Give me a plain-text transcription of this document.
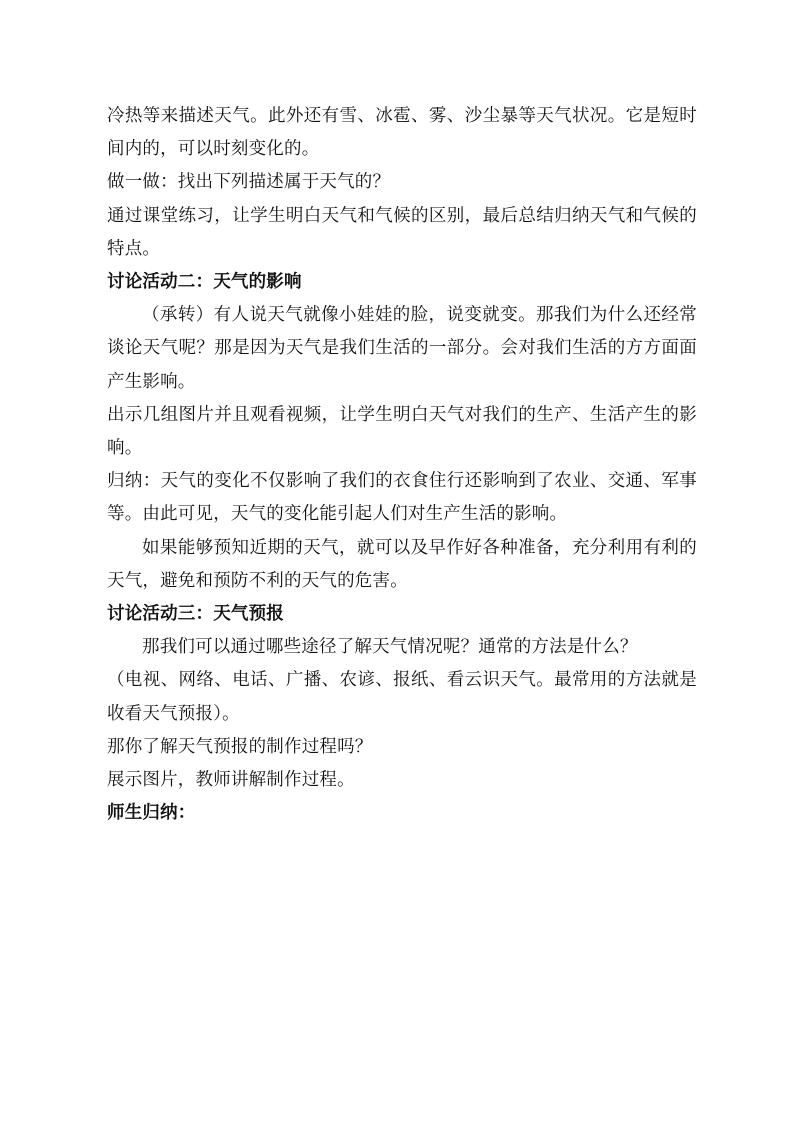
冷热等来描述天气。此外还有雪、冰雹、雾、沙尘暴等天气状况。它是短时间内的，可以时刻变化的。

做一做：找出下列描述属于天气的？

通过课堂练习，让学生明白天气和气候的区别，最后总结归纳天气和气候的特点。

讨论活动二：天气的影响

（承转）有人说天气就像小娃娃的脸，说变就变。那我们为什么还经常谈论天气呢？那是因为天气是我们生活的一部分。会对我们生活的方方面面产生影响。

出示几组图片并且观看视频，让学生明白天气对我们的生产、生活产生的影响。

归纳：天气的变化不仅影响了我们的衣食住行还影响到了农业、交通、军事等。由此可见，天气的变化能引起人们对生产生活的影响。

如果能够预知近期的天气，就可以及早作好各种准备，充分利用有利的天气，避免和预防不利的天气的危害。

讨论活动三：天气预报

那我们可以通过哪些途径了解天气情况呢？通常的方法是什么？

（电视、网络、电话、广播、农谚、报纸、看云识天气。最常用的方法就是收看天气预报）。

那你了解天气预报的制作过程吗？

展示图片，教师讲解制作过程。

师生归纳：
